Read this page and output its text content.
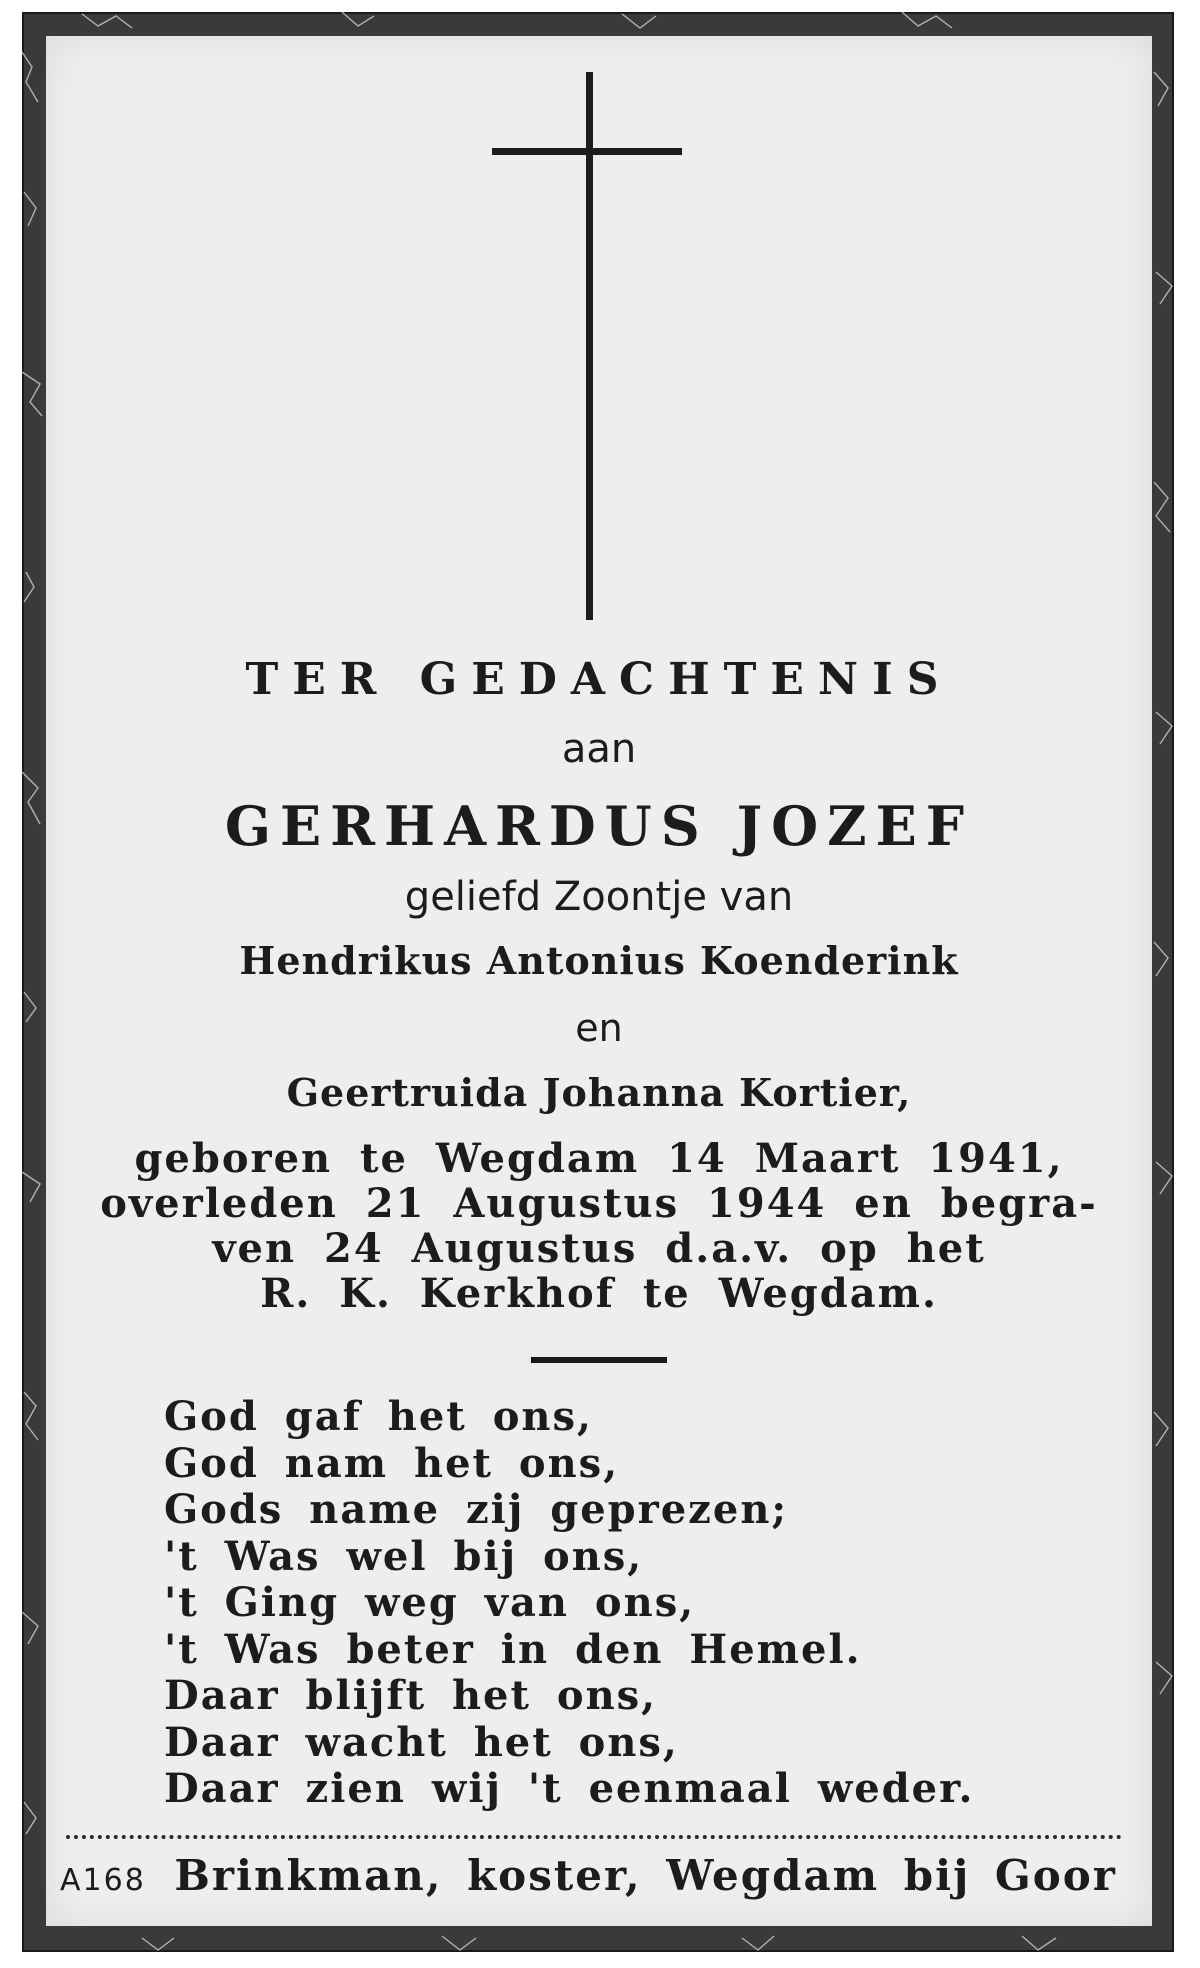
TER GEDACHTENIS
aan
GERHARDUS JOZEF
geliefd Zoontje van
Hendrikus Antonius Koenderink
en
Geertruida Johanna Kortier,
geboren te Wegdam 14 Maart 1941,
overleden 21 Augustus 1944 en begra-
ven 24 Augustus d.a.v. op het
R. K. Kerkhof te Wegdam.
God gaf het ons,
God nam het ons,
Gods name zij geprezen;
't Was wel bij ons,
't Ging weg van ons,
't Was beter in den Hemel.
Daar blijft het ons,
Daar wacht het ons,
Daar zien wij 't eenmaal weder.
A168 Brinkman, koster, Wegdam bij Goor
